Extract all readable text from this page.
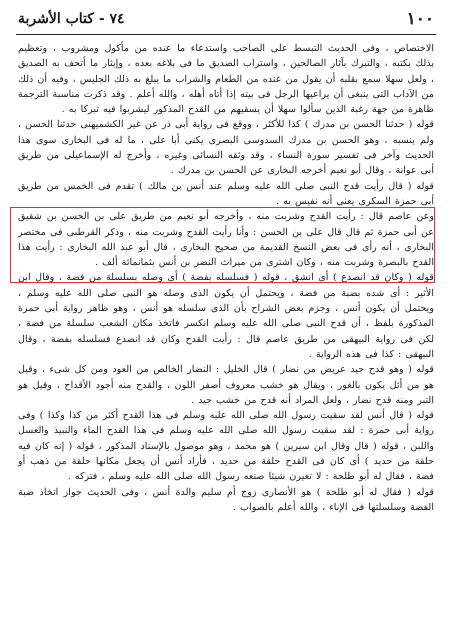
١٠٠
٧٤ - كتاب الأشربة

الاختصاص ، وفى الحديث التبسط على الصاحب واستدعاء ما عنده من مأكول ومشروب ، وتعظيم بذلك بكتبه ، والتبرك بآثار الصالحين ، واستراب الصديق ما فى بلاغه بعده ، وإيثار ما أتحف به الصديق ، ولعل سهلا سمع بقلبه أن يقول من عنده من الطعام والشراب ما يبلغ به ذلك الجليس ، وفيه أن ذلك من الآداب التى ينبغى أن يراعيها الرجل فى بيته إذا أتاه أهله ، والله أعلم . وقد ذكرت مناسبة الترجمة ظاهرة من جهة رغبة الذين سألوا سهلا أن يسقيهم من القدح المذكور ليشربوا فيه تبركا به .

قوله ( حدثنا الحسن بن مدرك ) كذا للأكثر ، ووقع فى رواية أبى ذر عن غير الكشميهنى حدثنا الحسن ، ولم ينسبه ، وهو الحسن بن مدرك السدوسى البصرى يكنى أبا على ، ما له فى البخارى سوى هذا الحديث وآخر فى تفسير سورة النساء ، وقد وثقه النسائى وغيره ، وأخرج له الإسماعيلى من طريق أبى عوانة ، وقال أبو نعيم أخرجه البخارى عن الحسن بن مدرك .

قوله ( قال رأيت قدح النبى صلى الله عليه وسلم عند أنس بن مالك ) تقدم فى الخمس من طريق أبى حمزة السكرى يعنى أنه نفيس به .

وعن عاصم قال : رأيت القدح وشربت منه ، وأخرجه أبو نعيم من طريق على بن الحسن بن شقيق عن أبى حمزة ثم قال قال على بن الحسن : وأنا رأيت القدح وشربت منه ، وذكر القرطبى فى مختصر البخارى ، أنه رأى فى بعض النسخ القديمة من صحيح البخارى ، قال أبو عبد الله البخارى : رأيت هذا القدح بالبصرة وشربت منه ، وكان اشترى من ميراث النضر بن أنس بثمانمائة ألف .

قوله ( وكان قد انصدع ) أى انشق ، قوله ( فسلسله بفضة ) أى وصله بسلسلة من فضة ، وقال ابن الأثير : أى شده بضبة من فضة ، ويحتمل أن يكون الذى وصله هو النبى صلى الله عليه وسلم ، ويحتمل أن يكون أنس ، وجزم بعض الشراح بأن الذى سلسله هو أنس ، وهو ظاهر رواية أبى حمزة المذكورة بلفظ ، أن قدح النبى صلى الله عليه وسلم انكسر فاتخذ مكان الشعب سلسلة من فضة ، لكن فى رواية البيهقى من طريق عاصم قال : رأيت القدح وكان قد انصدع فسلسله بفضة ، وقال البيهقى : كذا فى هذه الرواية .

قوله ( وهو قدح جيد عريض من نضار ) قال الخليل : النضار الخالص من العود ومن كل شىء ، وقيل هو من أثل يكون بالغور ، ويقال هو خشب معروف أصفر اللون ، والقدح منه أجود الأقداح ، وقيل هو التبر ومنه قدح نضار ، ولعل المراد أنه قدح من خشب جيد .

قوله ( قال أنس لقد سقيت رسول الله صلى الله عليه وسلم فى هذا القدح أكثر من كذا وكذا ) وفى رواية أبى حمزة : لقد سقيت رسول الله صلى الله عليه وسلم فى هذا القدح الماء والنبيذ والعسل واللبن ، قوله ( قال وقال ابن سيرين ) هو محمد ، وهو موصول بالإسناد المذكور ، قوله ( إنه كان فيه حلقة من حديد ) أى كان فى القدح حلقة من حديد ، فأراد أنس أن يجعل مكانها حلقة من ذهب أو فضة ، فقال له أبو طلحة : لا تغيرن شيئا صنعه رسول الله صلى الله عليه وسلم ، فتركه .

قوله ( فقال له أبو طلحة ) هو الأنصارى زوج أم سليم والدة أنس ، وفى الحديث جواز اتخاذ ضبة الفضة وسلسلتها فى الإناء ، والله أعلم بالصواب .
